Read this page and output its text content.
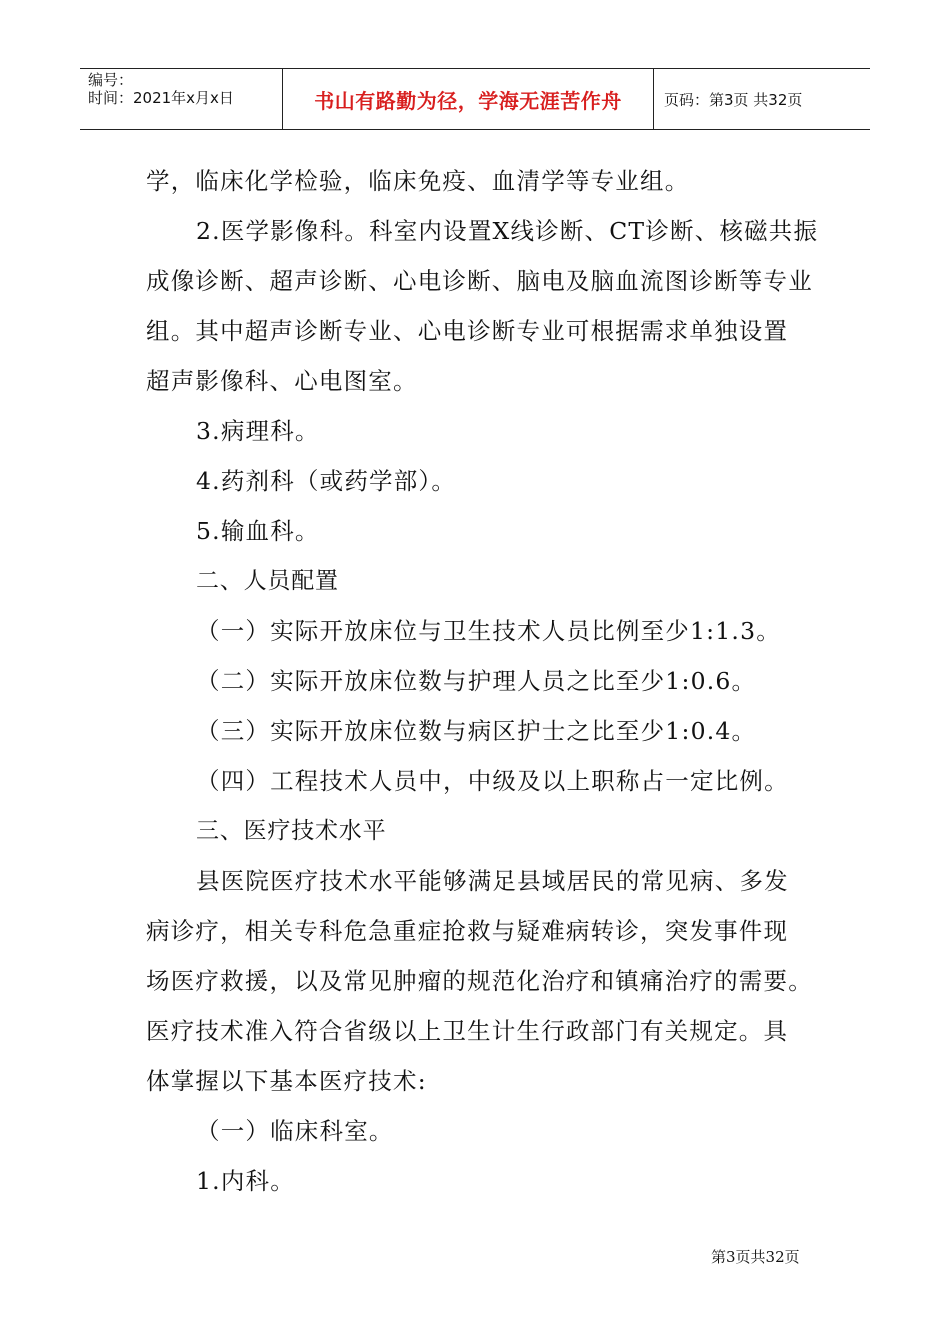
编号：
时间：2021年x月x日	书山有路勤为径，学海无涯苦作舟	页码：第3页 共32页

学，临床化学检验，临床免疫、血清学等专业组。

2.医学影像科。科室内设置X线诊断、CT诊断、核磁共振

成像诊断、超声诊断、心电诊断、脑电及脑血流图诊断等专业

组。其中超声诊断专业、心电诊断专业可根据需求单独设置

超声影像科、心电图室。

3.病理科。

4.药剂科（或药学部）。

5.输血科。

二、人员配置

（一）实际开放床位与卫生技术人员比例至少1:1.3。

（二）实际开放床位数与护理人员之比至少1:0.6。

（三）实际开放床位数与病区护士之比至少1:0.4。

（四）工程技术人员中，中级及以上职称占一定比例。

三、医疗技术水平

县医院医疗技术水平能够满足县域居民的常见病、多发

病诊疗，相关专科危急重症抢救与疑难病转诊，突发事件现

场医疗救援，以及常见肿瘤的规范化治疗和镇痛治疗的需要。

医疗技术准入符合省级以上卫生计生行政部门有关规定。具

体掌握以下基本医疗技术:

（一）临床科室。

1.内科。

第3页共32页
